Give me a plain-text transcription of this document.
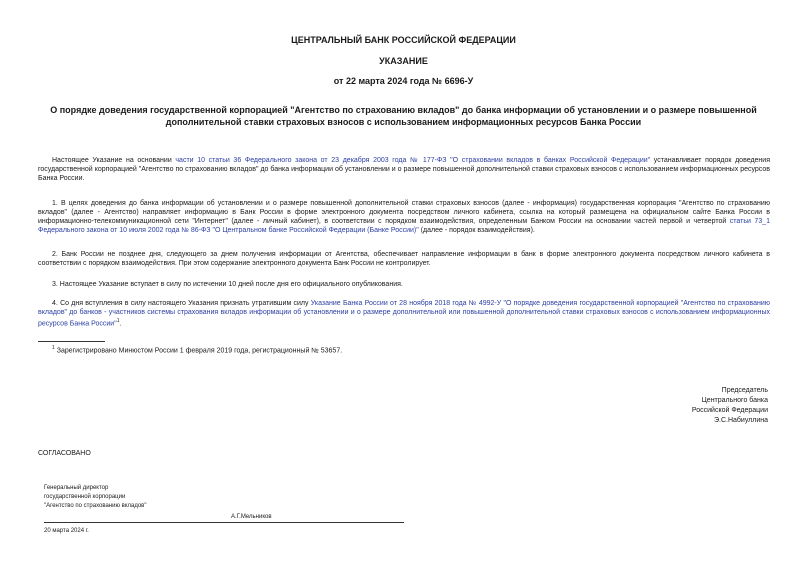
ЦЕНТРАЛЬНЫЙ БАНК РОССИЙСКОЙ ФЕДЕРАЦИИ
УКАЗАНИЕ
от 22 марта 2024 года № 6696-У
О порядке доведения государственной корпорацией "Агентство по страхованию вкладов" до банка информации об установлении и о размере повышенной
дополнительной ставки страховых взносов с использованием информационных ресурсов Банка России
Настоящее Указание на основании части 10 статьи 36 Федерального закона от 23 декабря 2003 года № 177-ФЗ "О страховании вкладов в банках Российской Федерации" устанавливает порядок доведения государственной корпорацией "Агентство по страхованию вкладов" до банка информации об установлении и о размере повышенной дополнительной ставки страховых взносов с использованием информационных ресурсов Банка России.
1. В целях доведения до банка информации об установлении и о размере повышенной дополнительной ставки страховых взносов (далее - информация) государственная корпорация "Агентство по страхованию вкладов" (далее - Агентство) направляет информацию в Банк России в форме электронного документа посредством личного кабинета, ссылка на который размещена на официальном сайте Банка России в информационно-телекоммуникационной сети "Интернет" (далее - личный кабинет), в соответствии с порядком взаимодействия, определенным Банком России на основании частей первой и четвертой статьи 73_1 Федерального закона от 10 июля 2002 года № 86-ФЗ "О Центральном банке Российской Федерации (Банке России)" (далее - порядок взаимодействия).
2. Банк России не позднее дня, следующего за днем получения информации от Агентства, обеспечивает направление информации в банк в форме электронного документа посредством личного кабинета в соответствии с порядком взаимодействия. При этом содержание электронного документа Банк России не контролирует.
3. Настоящее Указание вступает в силу по истечении 10 дней после дня его официального опубликования.
4. Со дня вступления в силу настоящего Указания признать утратившим силу Указание Банка России от 28 ноября 2018 года № 4992-У "О порядке доведения государственной корпорацией "Агентство по страхованию вкладов" до банков - участников системы страхования вкладов информации об установлении и о размере дополнительной или повышенной дополнительной ставки страховых взносов с использованием информационных ресурсов Банка России"$^1$.
$^1$ Зарегистрировано Минюстом России 1 февраля 2019 года, регистрационный № 53657.
Председатель
Центрального банка
Российской Федерации
Э.С.Набиуллина
СОГЛАСОВАНО
Генеральный директор
государственной корпорации
"Агентство по страхованию вкладов"
А.Г.Мельников
20 марта 2024 г.
